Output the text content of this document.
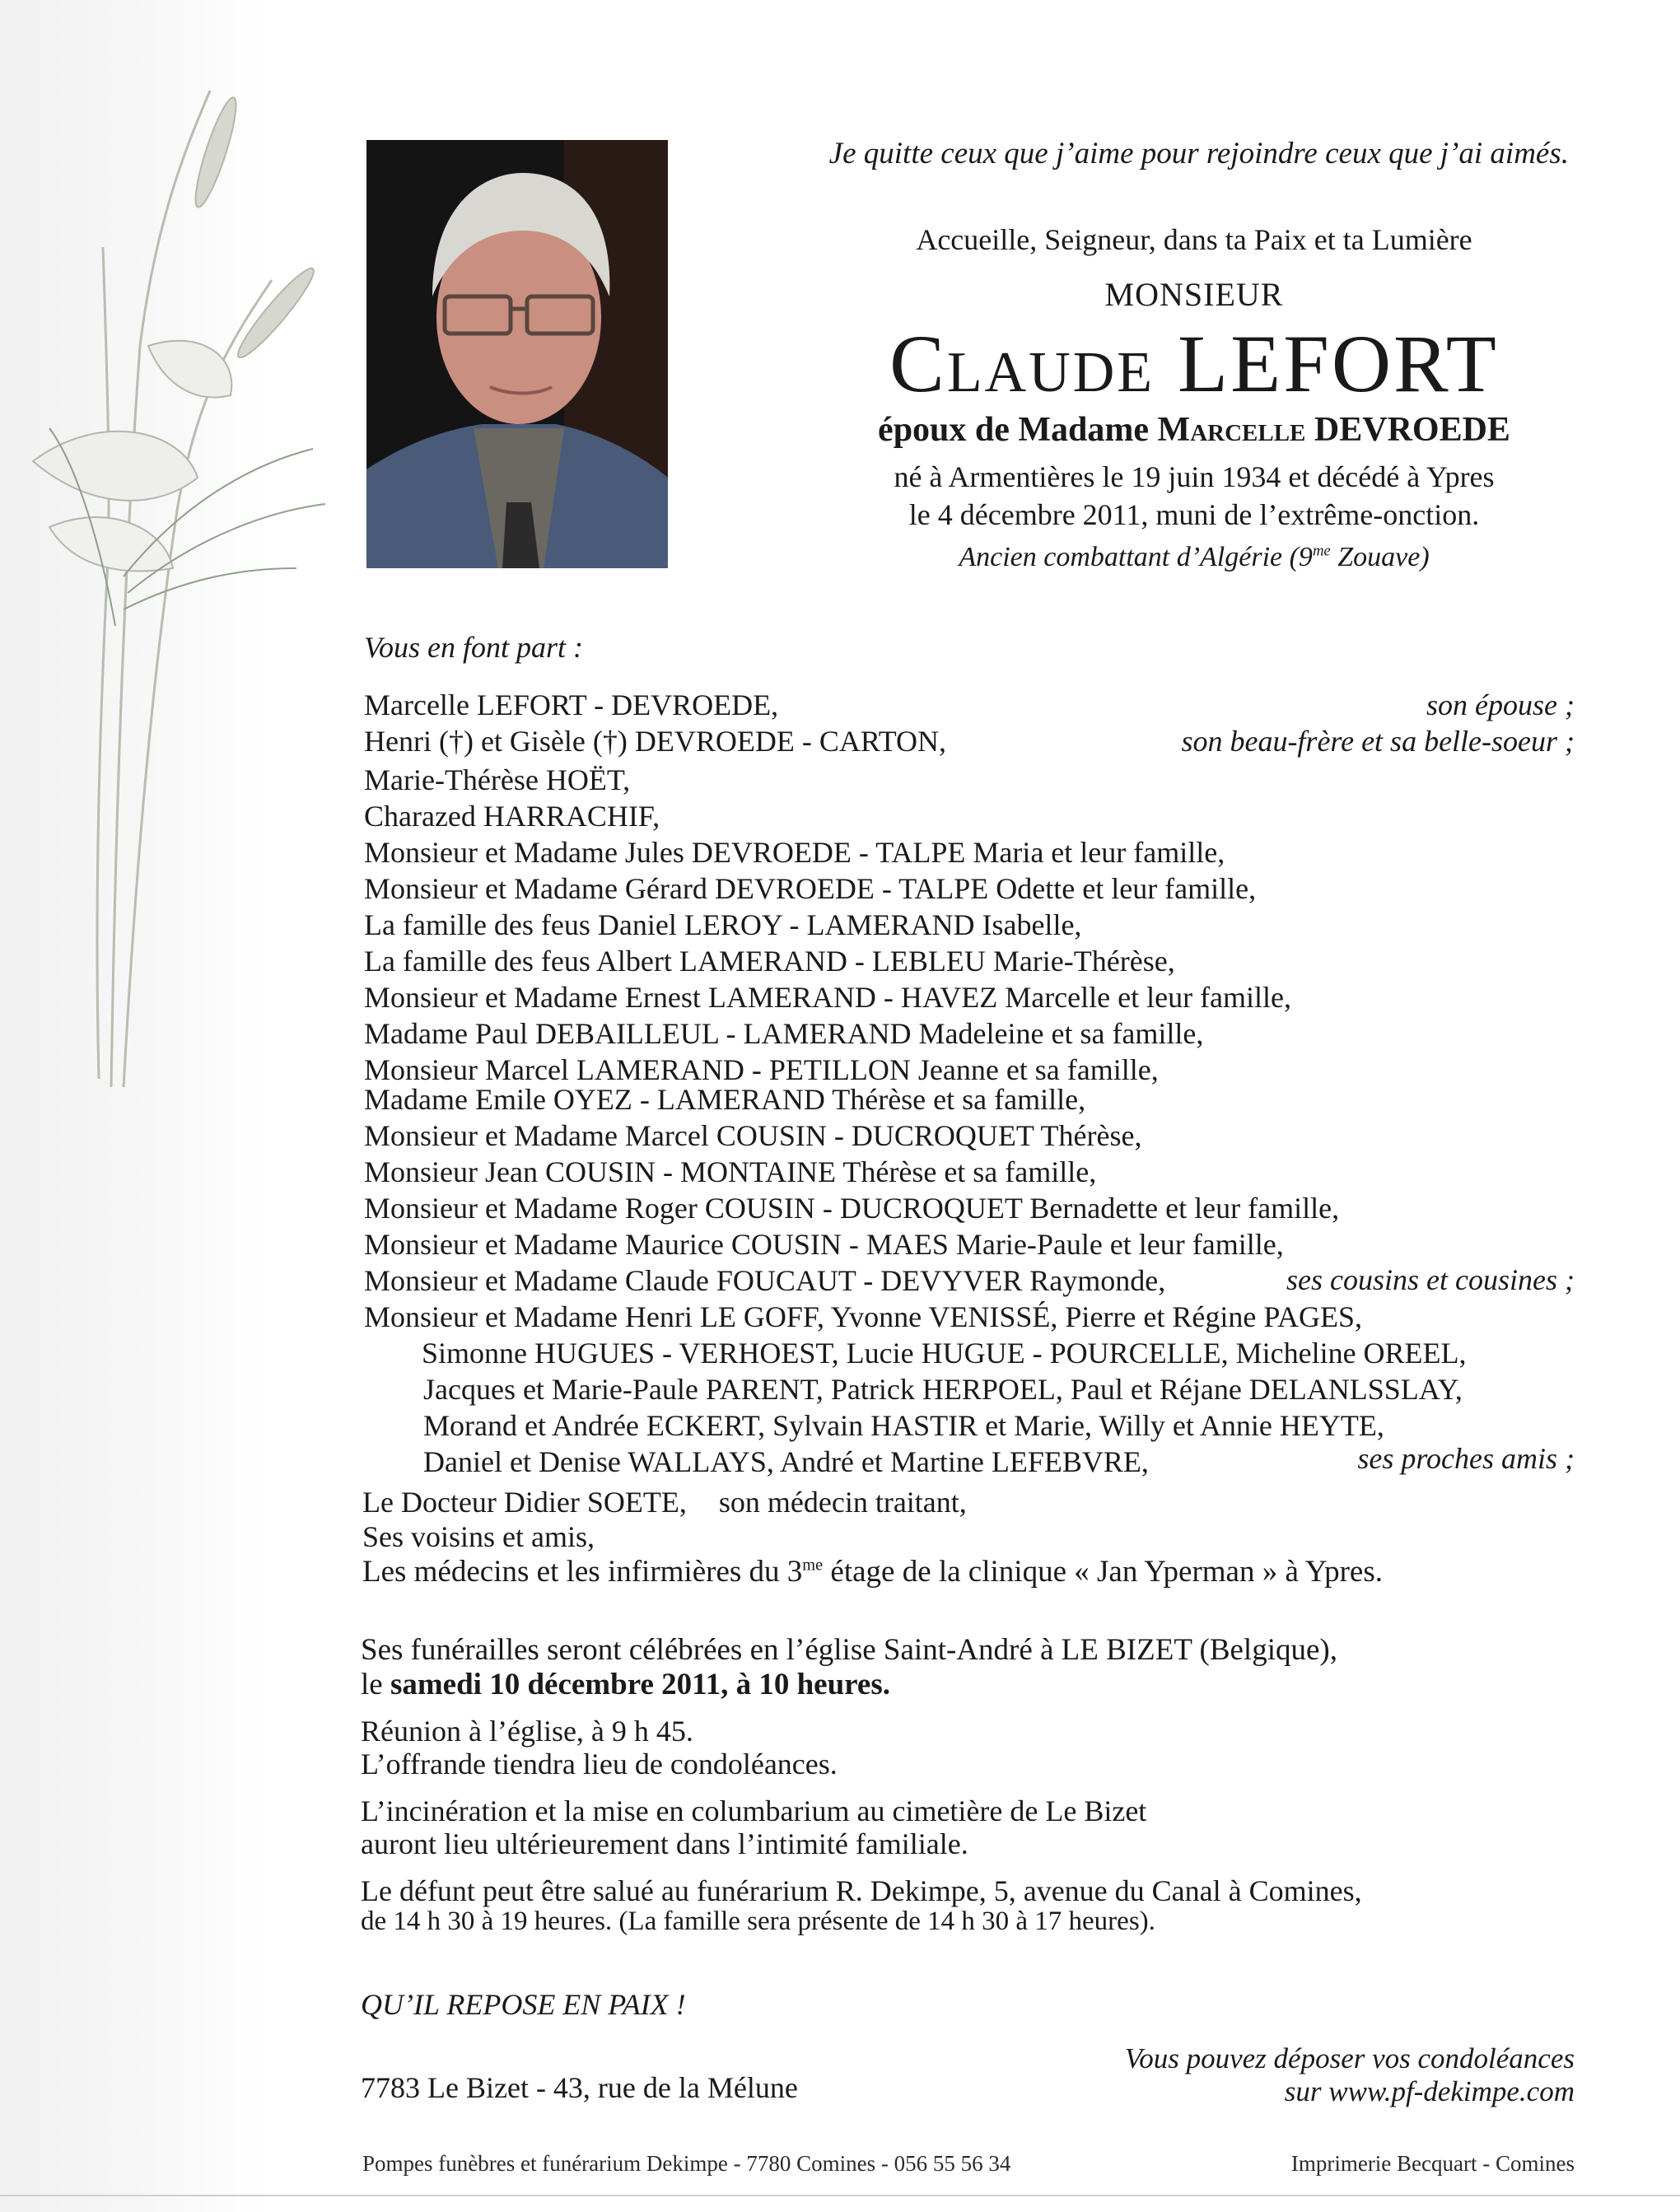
Je quitte ceux que j’aime pour rejoindre ceux que j’ai aimés.
Accueille, Seigneur, dans ta Paix et ta Lumière
MONSIEUR
Claude LEFORT
époux de Madame Marcelle DEVROEDE
né à Armentières le 19 juin 1934 et décédé à Ypres
le 4 décembre 2011, muni de l’extrême-onction.
Ancien combattant d’Algérie ($9^{me}$ Zouave)
Vous en font part :
Marcelle LEFORT - DEVROEDE,	son épouse ;
Henri (†) et Gisèle (†) DEVROEDE - CARTON,	son beau-frère et sa belle-soeur ;
Marie-Thérèse HOËT,
Charazed HARRACHIF,
Monsieur et Madame Jules DEVROEDE - TALPE Maria et leur famille,
Monsieur et Madame Gérard DEVROEDE - TALPE Odette et leur famille,
La famille des feus Daniel LEROY - LAMERAND Isabelle,
La famille des feus Albert LAMERAND - LEBLEU Marie-Thérèse,
Monsieur et Madame Ernest LAMERAND - HAVEZ Marcelle et leur famille,
Madame Paul DEBAILLEUL - LAMERAND Madeleine et sa famille,
Monsieur Marcel LAMERAND - PETILLON Jeanne et sa famille,
Madame Emile OYEZ - LAMERAND Thérèse et sa famille,
Monsieur et Madame Marcel COUSIN - DUCROQUET Thérèse,
Monsieur Jean COUSIN - MONTAINE Thérèse et sa famille,
Monsieur et Madame Roger COUSIN - DUCROQUET Bernadette et leur famille,
Monsieur et Madame Maurice COUSIN - MAES Marie-Paule et leur famille,
Monsieur et Madame Claude FOUCAUT - DEVYVER Raymonde,	ses cousins et cousines ;
Monsieur et Madame Henri LE GOFF, Yvonne VENISSÉ, Pierre et Régine PAGES,
Simonne HUGUES - VERHOEST, Lucie HUGUE - POURCELLE, Micheline OREEL,
Jacques et Marie-Paule PARENT, Patrick HERPOEL, Paul et Réjane DELANLSSLAY,
Morand et Andrée ECKERT, Sylvain HASTIR et Marie, Willy et Annie HEYTE,
Daniel et Denise WALLAYS, André et Martine LEFEBVRE,	ses proches amis ;
Le Docteur Didier SOETE, son médecin traitant,
Ses voisins et amis,
Les médecins et les infirmières du $3^{me}$ étage de la clinique « Jan Yperman » à Ypres.
Ses funérailles seront célébrées en l’église Saint-André à LE BIZET (Belgique),
le samedi 10 décembre 2011, à 10 heures.
Réunion à l’église, à 9 h 45.
L’offrande tiendra lieu de condoléances.
L’incinération et la mise en columbarium au cimetière de Le Bizet
auront lieu ultérieurement dans l’intimité familiale.
Le défunt peut être salué au funérarium R. Dekimpe, 5, avenue du Canal à Comines,
de 14 h 30 à 19 heures. (La famille sera présente de 14 h 30 à 17 heures).
QU’IL REPOSE EN PAIX !
7783 Le Bizet - 43, rue de la Mélune
Vous pouvez déposer vos condoléances
sur www.pf-dekimpe.com
Pompes funèbres et funérarium Dekimpe - 7780 Comines - 056 55 56 34	Imprimerie Becquart - Comines
